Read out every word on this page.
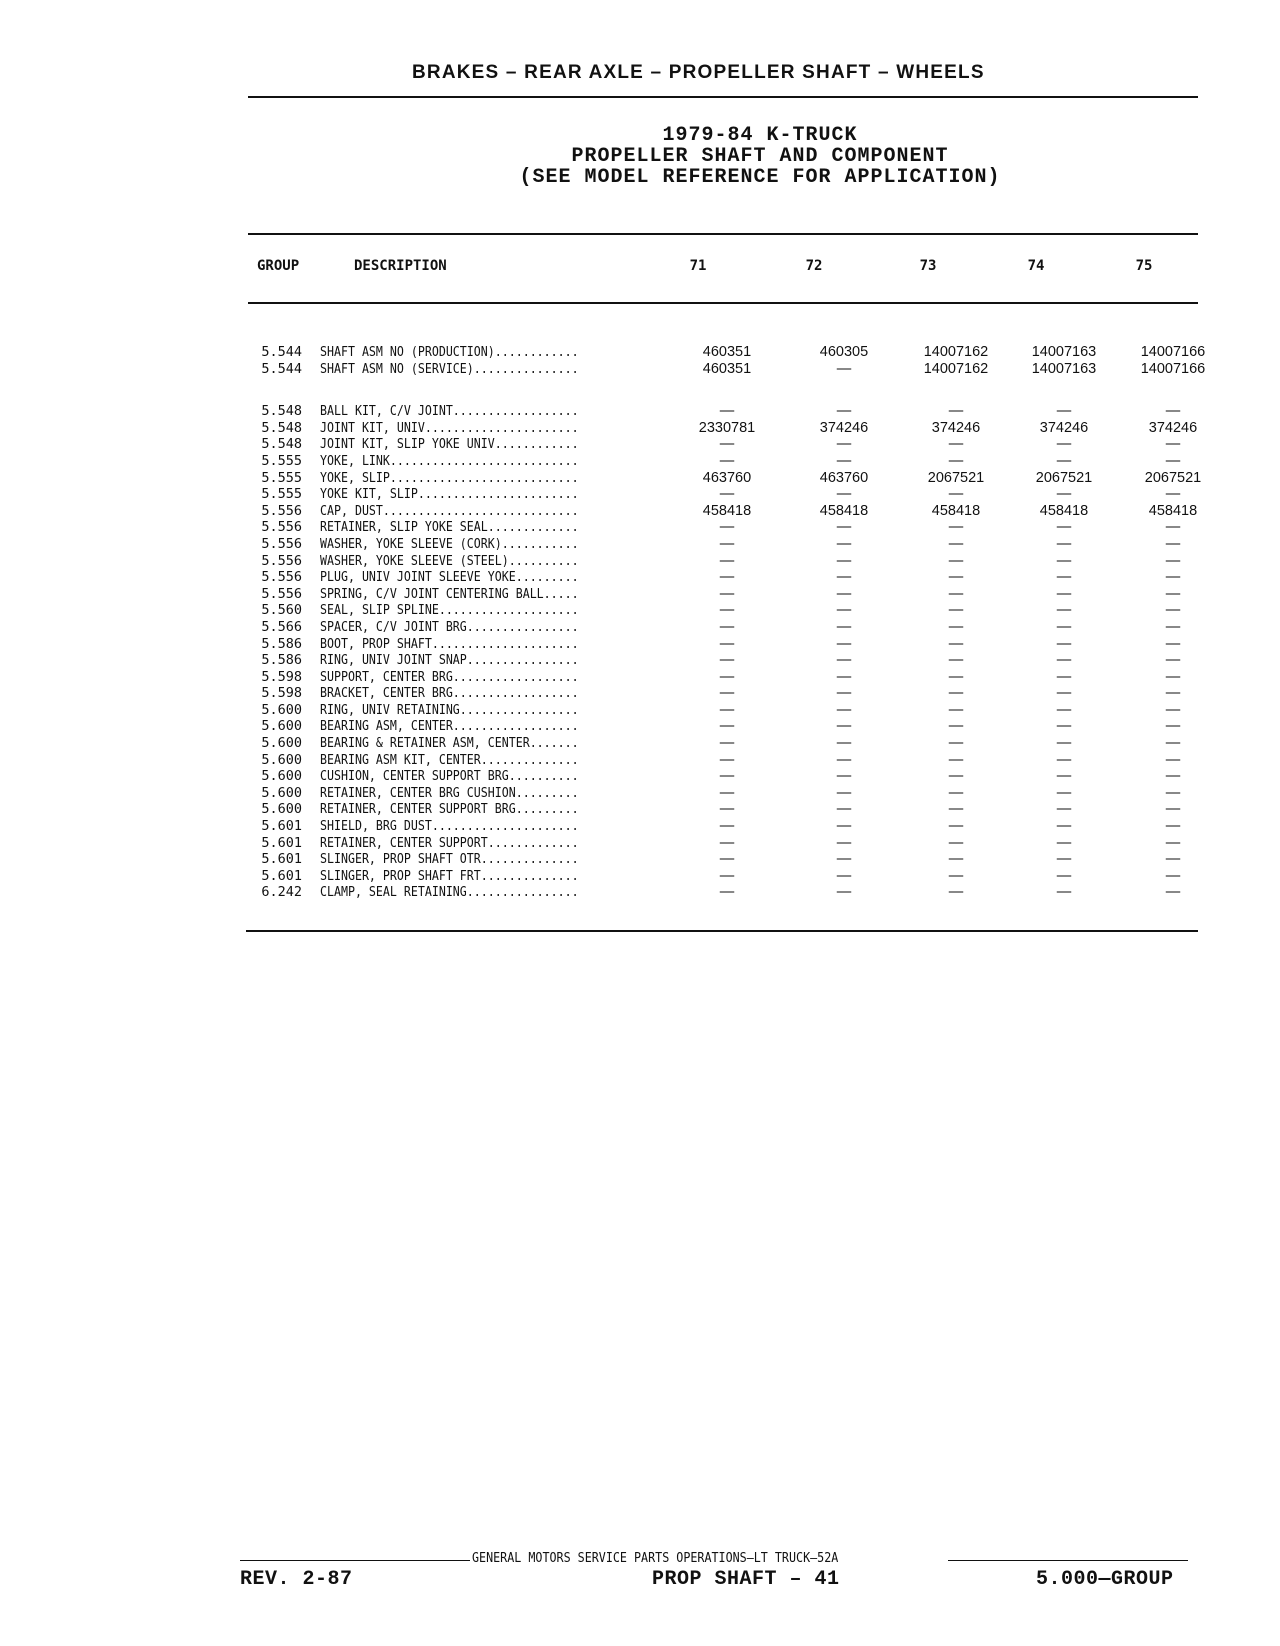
BRAKES – REAR AXLE – PROPELLER SHAFT – WHEELS
1979-84 K-TRUCK
PROPELLER SHAFT AND COMPONENT
(SEE MODEL REFERENCE FOR APPLICATION)
GROUP	DESCRIPTION	71	72	73	74	75
5.544	SHAFT ASM NO (PRODUCTION)............	460351	460305	14007162	14007163	14007166
5.544	SHAFT ASM NO (SERVICE)...............	460351	—	14007162	14007163	14007166

5.548	BALL KIT, C/V JOINT..................	—	—	—	—	—
5.548	JOINT KIT, UNIV......................	2330781	374246	374246	374246	374246
5.548	JOINT KIT, SLIP YOKE UNIV............	—	—	—	—	—
5.555	YOKE, LINK...........................	—	—	—	—	—
5.555	YOKE, SLIP...........................	463760	463760	2067521	2067521	2067521
5.555	YOKE KIT, SLIP.......................	—	—	—	—	—
5.556	CAP, DUST............................	458418	458418	458418	458418	458418
5.556	RETAINER, SLIP YOKE SEAL.............	—	—	—	—	—
5.556	WASHER, YOKE SLEEVE (CORK)...........	—	—	—	—	—
5.556	WASHER, YOKE SLEEVE (STEEL)..........	—	—	—	—	—
5.556	PLUG, UNIV JOINT SLEEVE YOKE.........	—	—	—	—	—
5.556	SPRING, C/V JOINT CENTERING BALL.....	—	—	—	—	—
5.560	SEAL, SLIP SPLINE....................	—	—	—	—	—
5.566	SPACER, C/V JOINT BRG................	—	—	—	—	—
5.586	BOOT, PROP SHAFT.....................	—	—	—	—	—
5.586	RING, UNIV JOINT SNAP................	—	—	—	—	—
5.598	SUPPORT, CENTER BRG..................	—	—	—	—	—
5.598	BRACKET, CENTER BRG..................	—	—	—	—	—
5.600	RING, UNIV RETAINING.................	—	—	—	—	—
5.600	BEARING ASM, CENTER..................	—	—	—	—	—
5.600	BEARING & RETAINER ASM, CENTER.......	—	—	—	—	—
5.600	BEARING ASM KIT, CENTER..............	—	—	—	—	—
5.600	CUSHION, CENTER SUPPORT BRG..........	—	—	—	—	—
5.600	RETAINER, CENTER BRG CUSHION.........	—	—	—	—	—
5.600	RETAINER, CENTER SUPPORT BRG.........	—	—	—	—	—
5.601	SHIELD, BRG DUST.....................	—	—	—	—	—
5.601	RETAINER, CENTER SUPPORT.............	—	—	—	—	—
5.601	SLINGER, PROP SHAFT OTR..............	—	—	—	—	—
5.601	SLINGER, PROP SHAFT FRT..............	—	—	—	—	—
6.242	CLAMP, SEAL RETAINING................	—	—	—	—	—
GENERAL MOTORS SERVICE PARTS OPERATIONS—LT TRUCK—52A
REV. 2-87	PROP SHAFT – 41	5.000—GROUP
